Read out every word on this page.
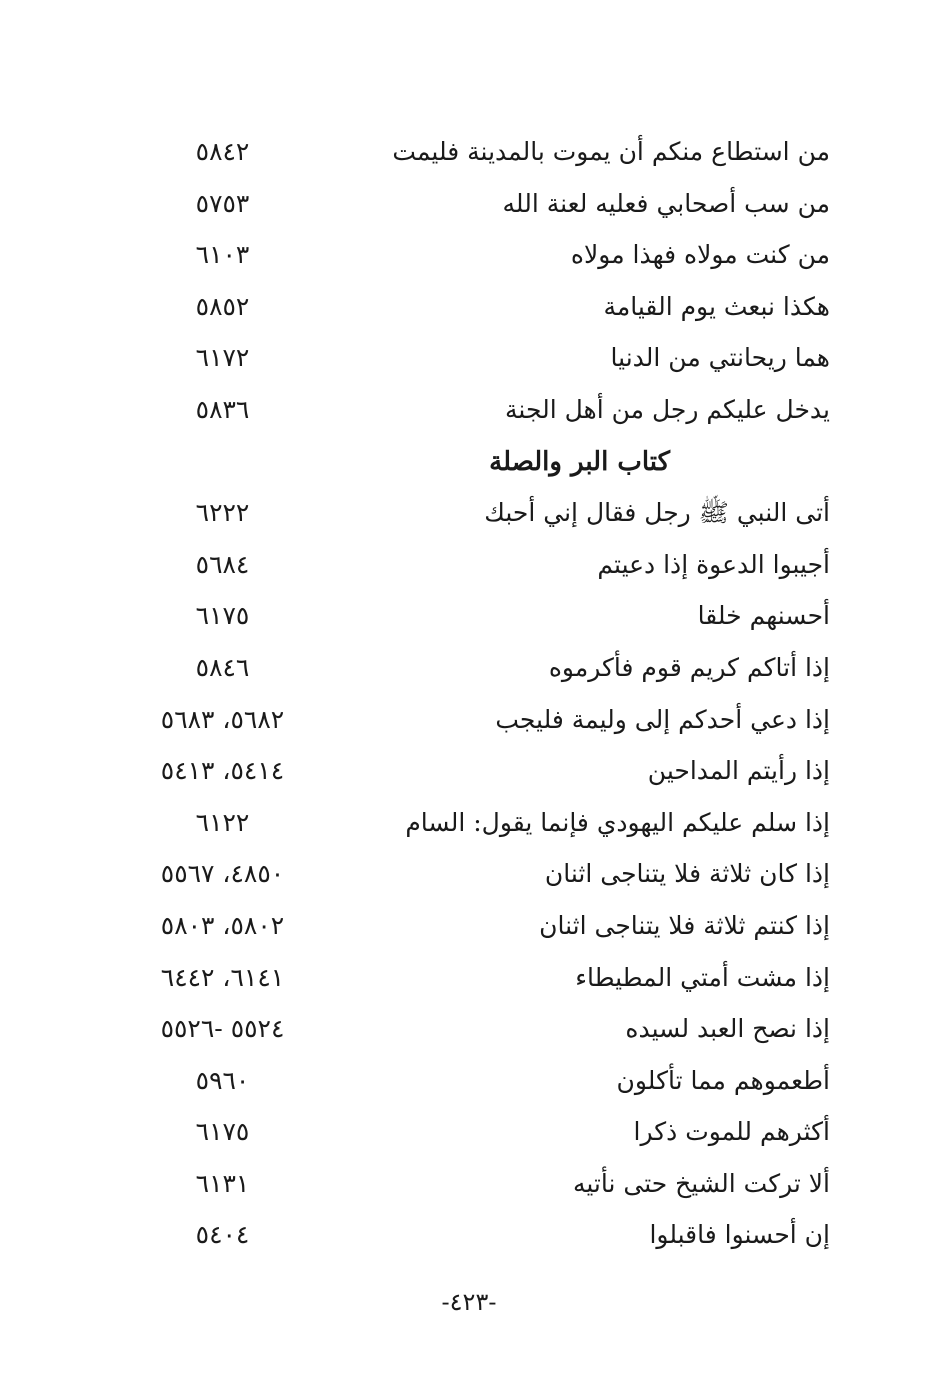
من استطاع منكم أن يموت بالمدينة فليمت
٥٨٤٢
من سب أصحابي فعليه لعنة الله
٥٧٥٣
من كنت مولاه فهذا مولاه
٦١٠٣
هكذا نبعث يوم القيامة
٥٨٥٢
هما ريحانتي من الدنيا
٦١٧٢
يدخل عليكم رجل من أهل الجنة
٥٨٣٦
كتاب البر والصلة
أتى النبي ﷺ رجل فقال إني أحبك
٦٢٢٢
أجيبوا الدعوة إذا دعيتم
٥٦٨٤
أحسنهم خلقا
٦١٧٥
إذا أتاكم كريم قوم فأكرموه
٥٨٤٦
إذا دعي أحدكم إلى وليمة فليجب
٥٦٨٢، ٥٦٨٣
إذا رأيتم المداحين
٥٤١٤، ٥٤١٣
إذا سلم عليكم اليهودي فإنما يقول: السام
٦١٢٢
إذا كان ثلاثة فلا يتناجى اثنان
٤٨٥٠، ٥٥٦٧
إذا كنتم ثلاثة فلا يتناجى اثنان
٥٨٠٢، ٥٨٠٣
إذا مشت أمتي المطيطاء
٦١٤١، ٦٤٤٢
إذا نصح العبد لسيده
٥٥٢٤ -٥٥٢٦
أطعموهم مما تأكلون
٥٩٦٠
أكثرهم للموت ذكرا
٦١٧٥
ألا تركت الشيخ حتى نأتيه
٦١٣١
إن أحسنوا فاقبلوا
٥٤٠٤
-٤٢٣-
